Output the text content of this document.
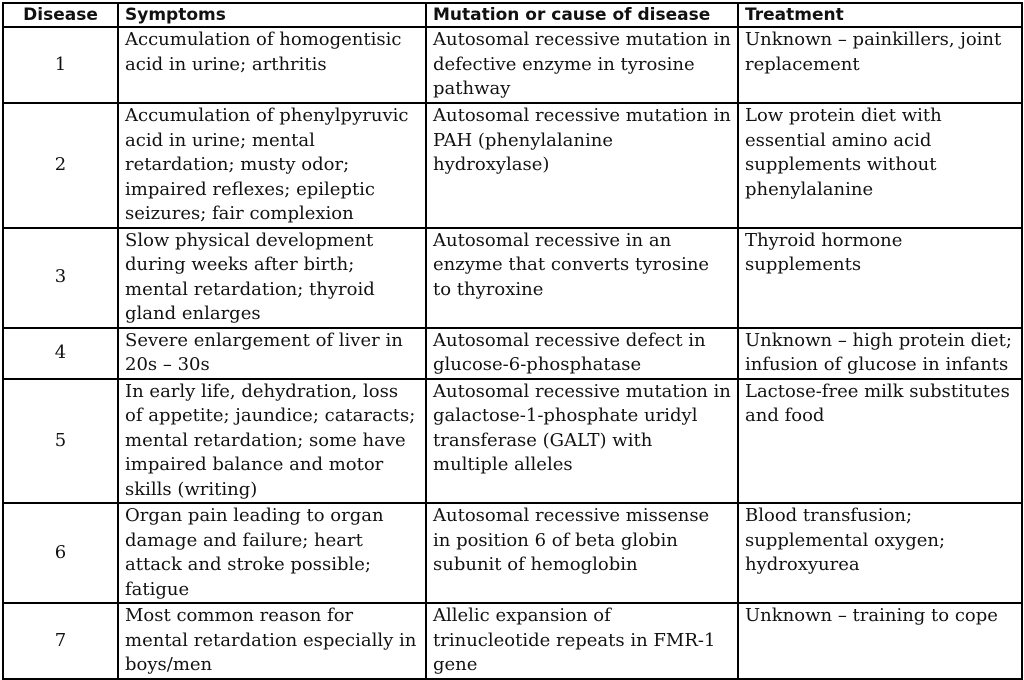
Disease	Symptoms	Mutation or cause of disease	Treatment
1	Accumulation of homogentisic acid in urine; arthritis	Autosomal recessive mutation in defective enzyme in tyrosine pathway	Unknown – painkillers, joint replacement
2	Accumulation of phenylpyruvic acid in urine; mental retardation; musty odor; impaired reflexes; epileptic seizures; fair complexion	Autosomal recessive mutation in PAH (phenylalanine hydroxylase)	Low protein diet with essential amino acid supplements without phenylalanine
3	Slow physical development during weeks after birth; mental retardation; thyroid gland enlarges	Autosomal recessive in an enzyme that converts tyrosine to thyroxine	Thyroid hormone supplements
4	Severe enlargement of liver in 20s – 30s	Autosomal recessive defect in glucose-6-phosphatase	Unknown – high protein diet; infusion of glucose in infants
5	In early life, dehydration, loss of appetite; jaundice; cataracts; mental retardation; some have impaired balance and motor skills (writing)	Autosomal recessive mutation in galactose-1-phosphate uridyl transferase (GALT) with multiple alleles	Lactose-free milk substitutes and food
6	Organ pain leading to organ damage and failure; heart attack and stroke possible; fatigue	Autosomal recessive missense in position 6 of beta globin subunit of hemoglobin	Blood transfusion; supplemental oxygen; hydroxyurea
7	Most common reason for mental retardation especially in boys/men	Allelic expansion of trinucleotide repeats in FMR-1 gene	Unknown – training to cope
